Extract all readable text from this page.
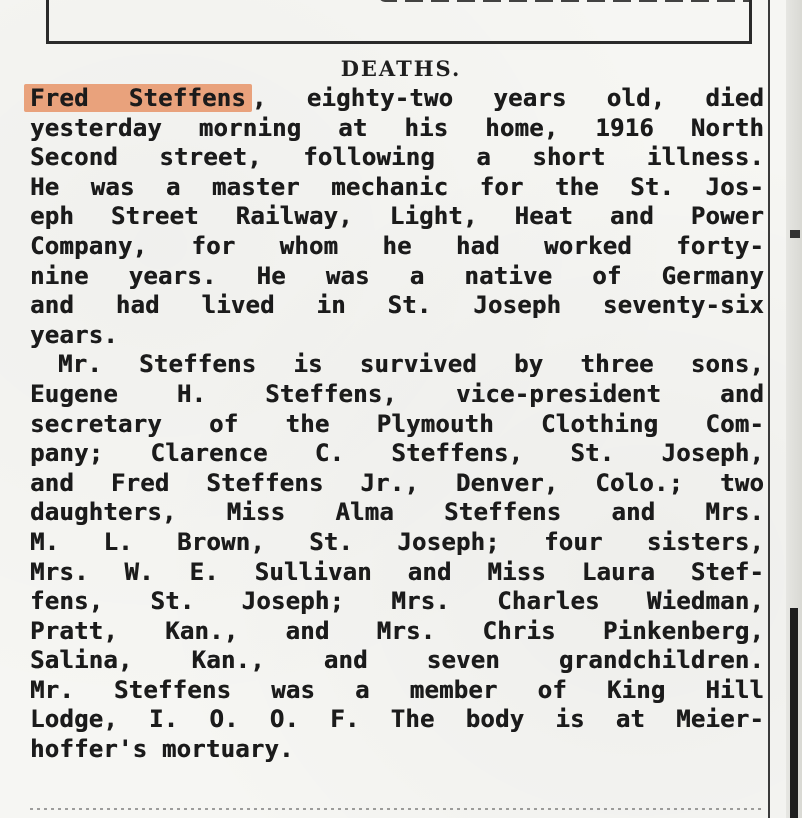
DEATHS.
Fred Steffens , eighty-two years old, died
yesterday morning at his home, 1916 North
Second street, following a short illness.
He was a master mechanic for the St. Jos-
eph Street Railway, Light, Heat and Power
Company, for whom he had worked forty-
nine years. He was a native of Germany
and had lived in St. Joseph seventy-six
years.
Mr. Steffens is survived by three sons,
Eugene H. Steffens, vice-president and
secretary of the Plymouth Clothing Com-
pany; Clarence C. Steffens, St. Joseph,
and Fred Steffens Jr., Denver, Colo.; two
daughters, Miss Alma Steffens and Mrs.
M. L. Brown, St. Joseph; four sisters,
Mrs. W. E. Sullivan and Miss Laura Stef-
fens, St. Joseph; Mrs. Charles Wiedman,
Pratt, Kan., and Mrs. Chris Pinkenberg,
Salina, Kan., and seven grandchildren.
Mr. Steffens was a member of King Hill
Lodge, I. O. O. F. The body is at Meier-
hoffer's mortuary.
